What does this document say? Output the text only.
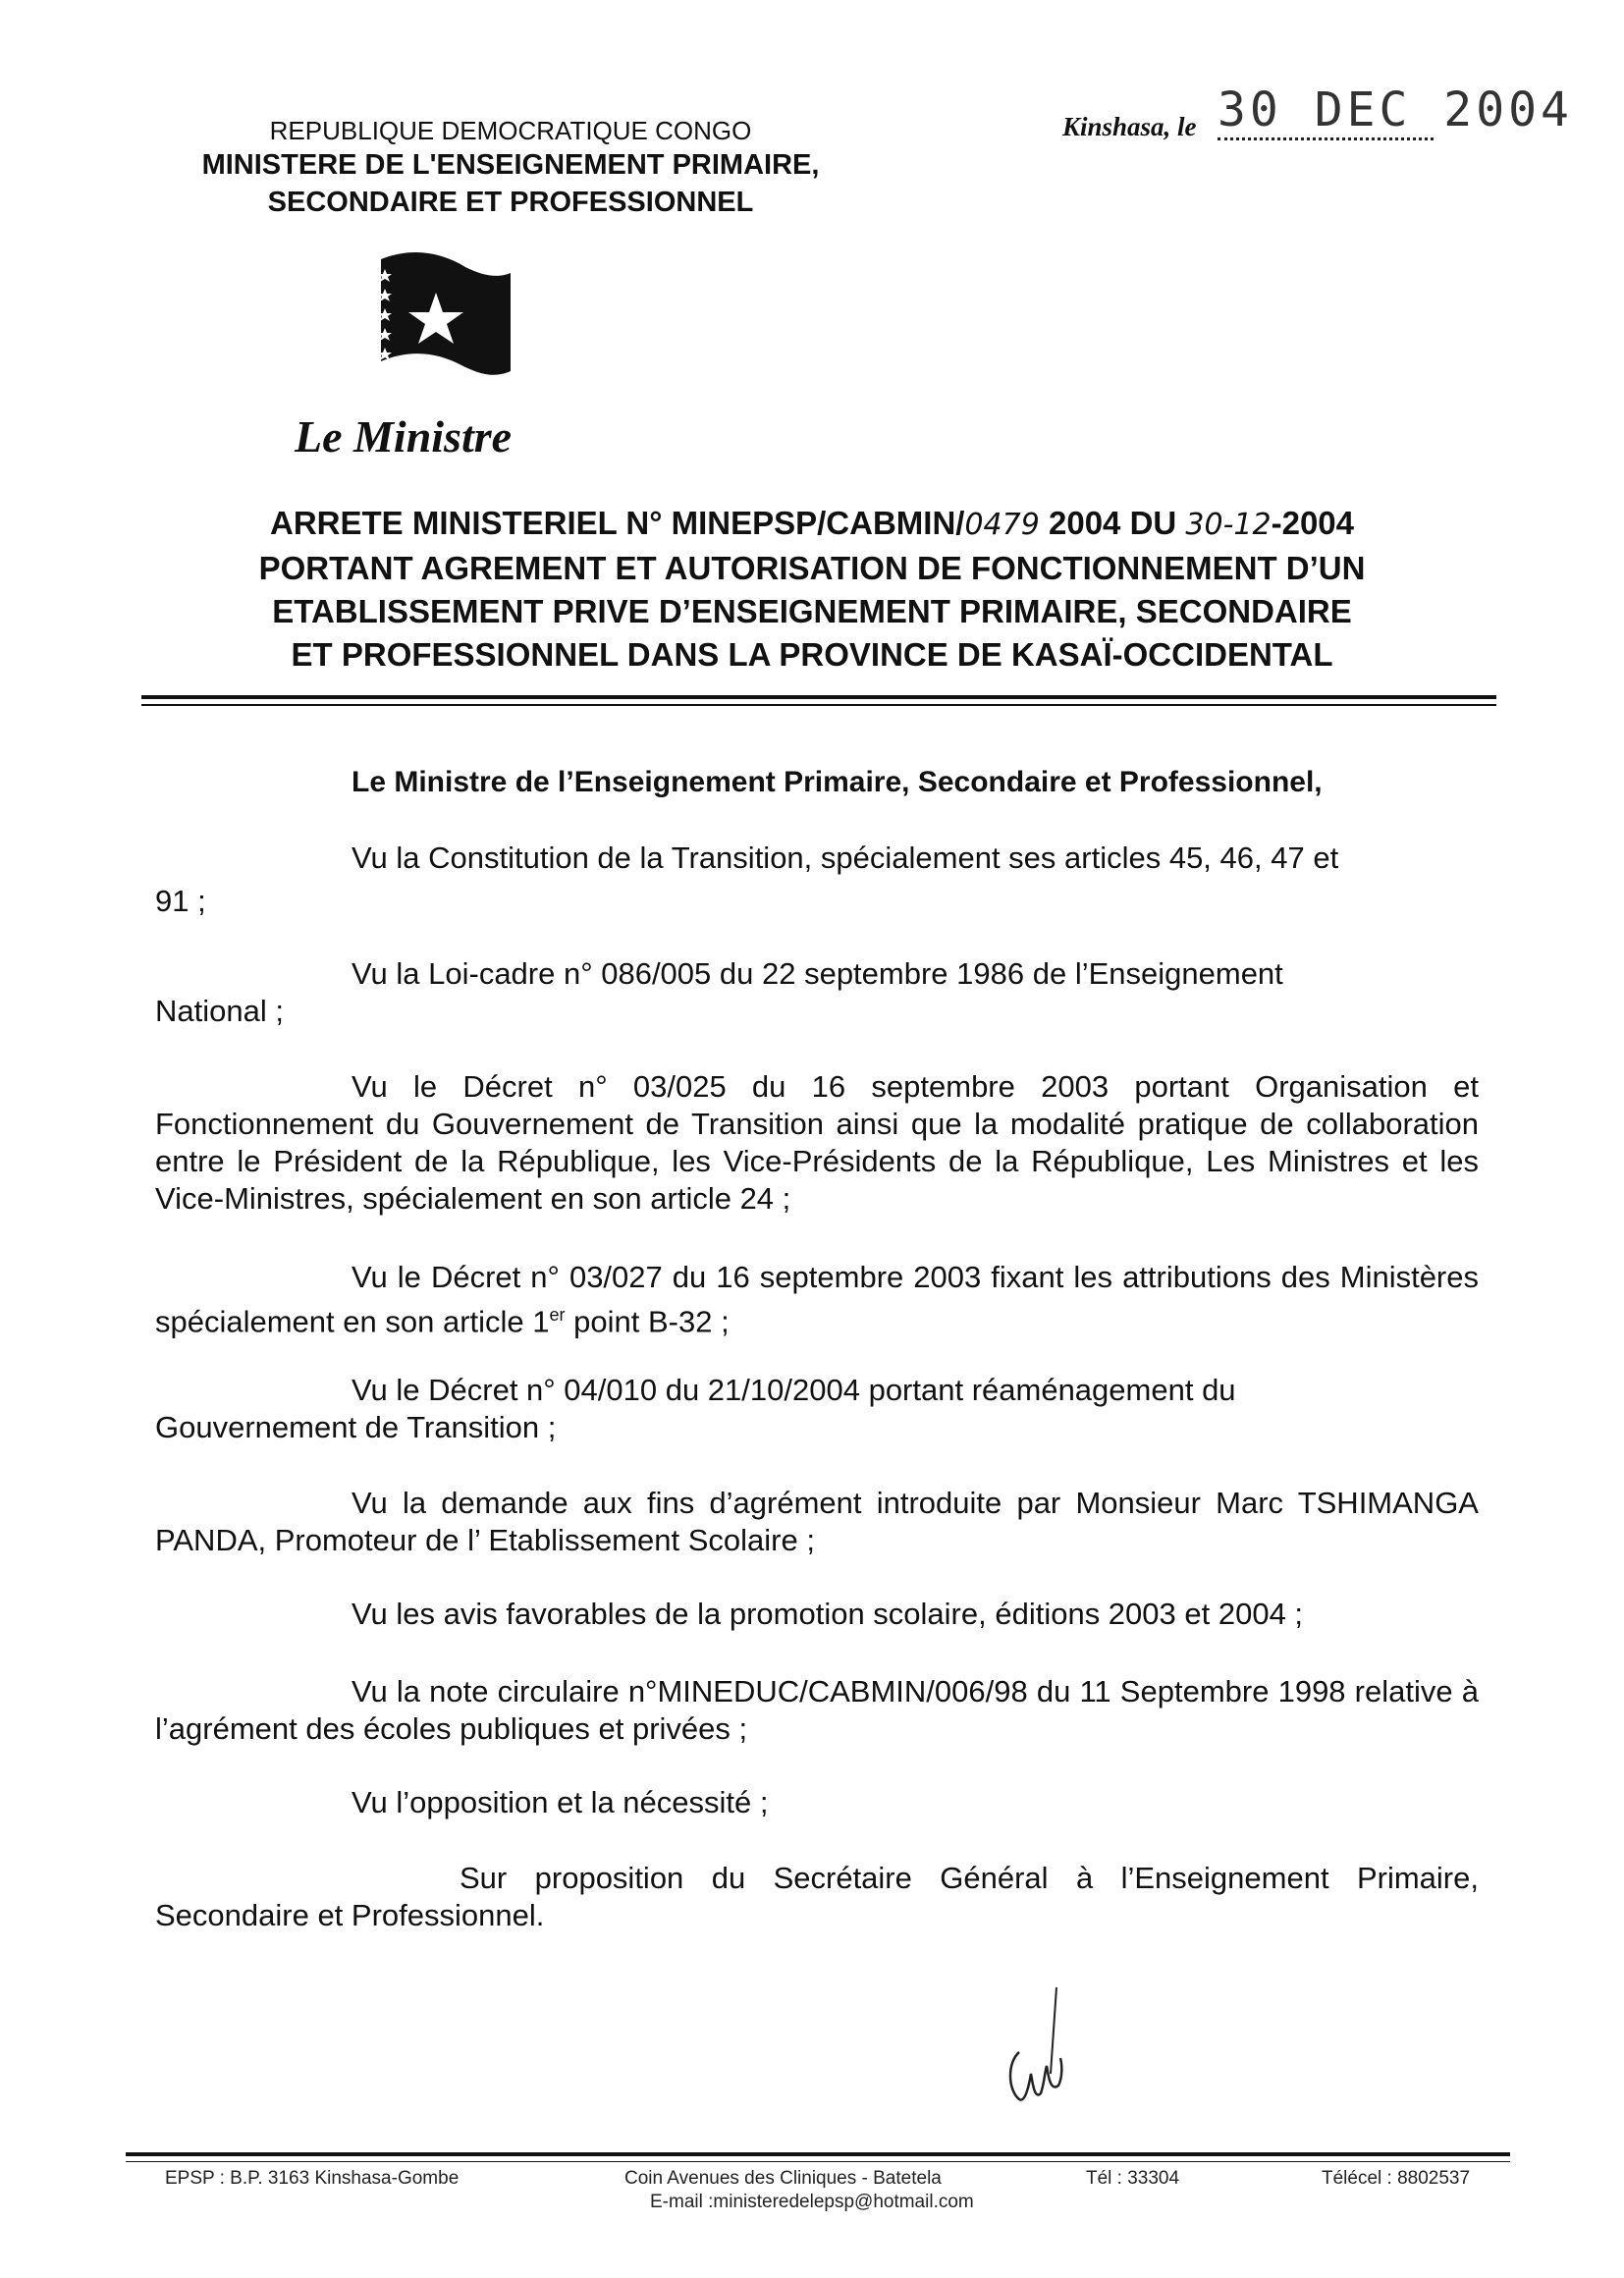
REPUBLIQUE DEMOCRATIQUE CONGO
MINISTERE DE L'ENSEIGNEMENT PRIMAIRE,
SECONDAIRE ET PROFESSIONNEL
Kinshasa, le 30 DEC 2004
Le Ministre
ARRETE MINISTERIEL N° MINEPSP/CABMIN/0479 2004 DU 30-12-2004
PORTANT AGREMENT ET AUTORISATION DE FONCTIONNEMENT D’UN
ETABLISSEMENT PRIVE D’ENSEIGNEMENT PRIMAIRE, SECONDAIRE
ET PROFESSIONNEL DANS LA PROVINCE DE KASAÏ-OCCIDENTAL
Le Ministre de l’Enseignement Primaire, Secondaire et Professionnel,
Vu la Constitution de la Transition, spécialement ses articles 45, 46, 47 et
91 ;
Vu la Loi-cadre n° 086/005 du 22 septembre 1986 de l’Enseignement
National ;
Vu le Décret n° 03/025 du 16 septembre 2003 portant Organisation et Fonctionnement du Gouvernement de Transition ainsi que la modalité pratique de collaboration entre le Président de la République, les Vice-Présidents de la République, Les Ministres et les Vice-Ministres, spécialement en son article 24 ;
Vu le Décret n° 03/027 du 16 septembre 2003 fixant les attributions des Ministères spécialement en son article 1er point B-32 ;
Vu le Décret n° 04/010 du 21/10/2004 portant réaménagement du
Gouvernement de Transition ;
Vu la demande aux fins d’agrément introduite par Monsieur Marc TSHIMANGA PANDA, Promoteur de l’ Etablissement Scolaire ;
Vu les avis favorables de la promotion scolaire, éditions 2003 et 2004 ;
Vu la note circulaire n°MINEDUC/CABMIN/006/98 du 11 Septembre 1998 relative à l’agrément des écoles publiques et privées ;
Vu l’opposition et la nécessité ;
Sur proposition du Secrétaire Général à l’Enseignement Primaire, Secondaire et Professionnel.
EPSP : B.P. 3163 Kinshasa-Gombe	Coin Avenues des Cliniques - Batetela	Tél : 33304	Télécel : 8802537
E-mail :ministeredelepsp@hotmail.com
